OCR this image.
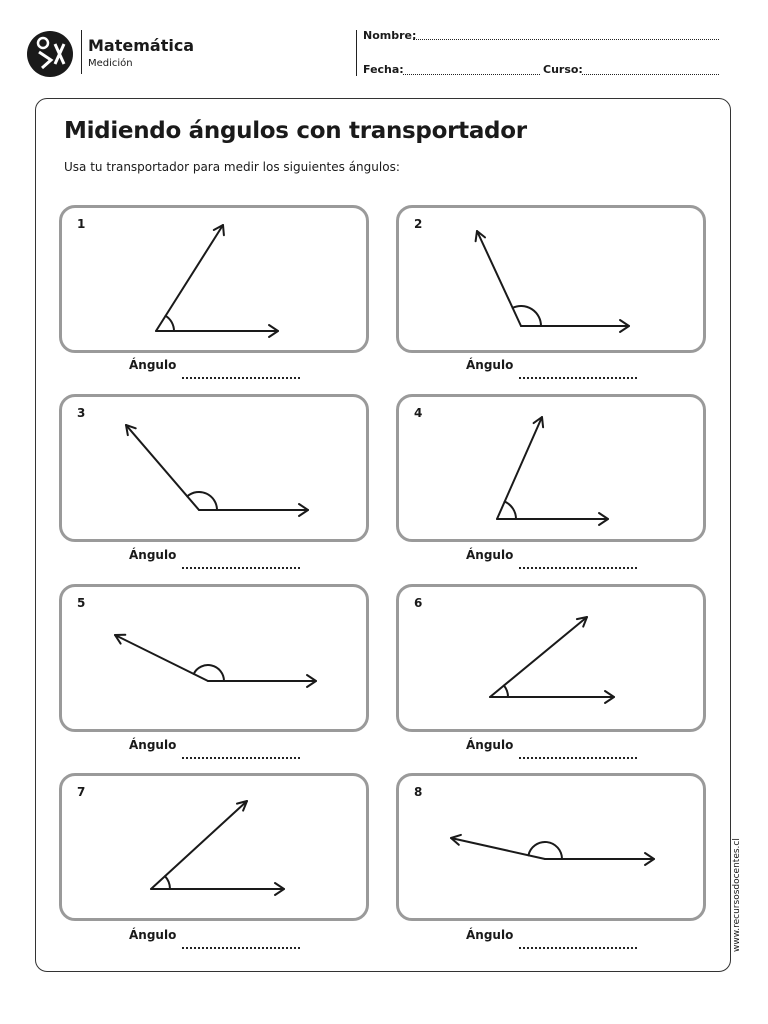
Matemática
Medición
Nombre:
Fecha:	Curso:
Midiendo ángulos con transportador
Usa tu transportador para medir los siguientes ángulos:
1
Ángulo
2
Ángulo
3
Ángulo
4
Ángulo
5
Ángulo
6
Ángulo
7
Ángulo
8
Ángulo	www.recursosdocentes.cl
